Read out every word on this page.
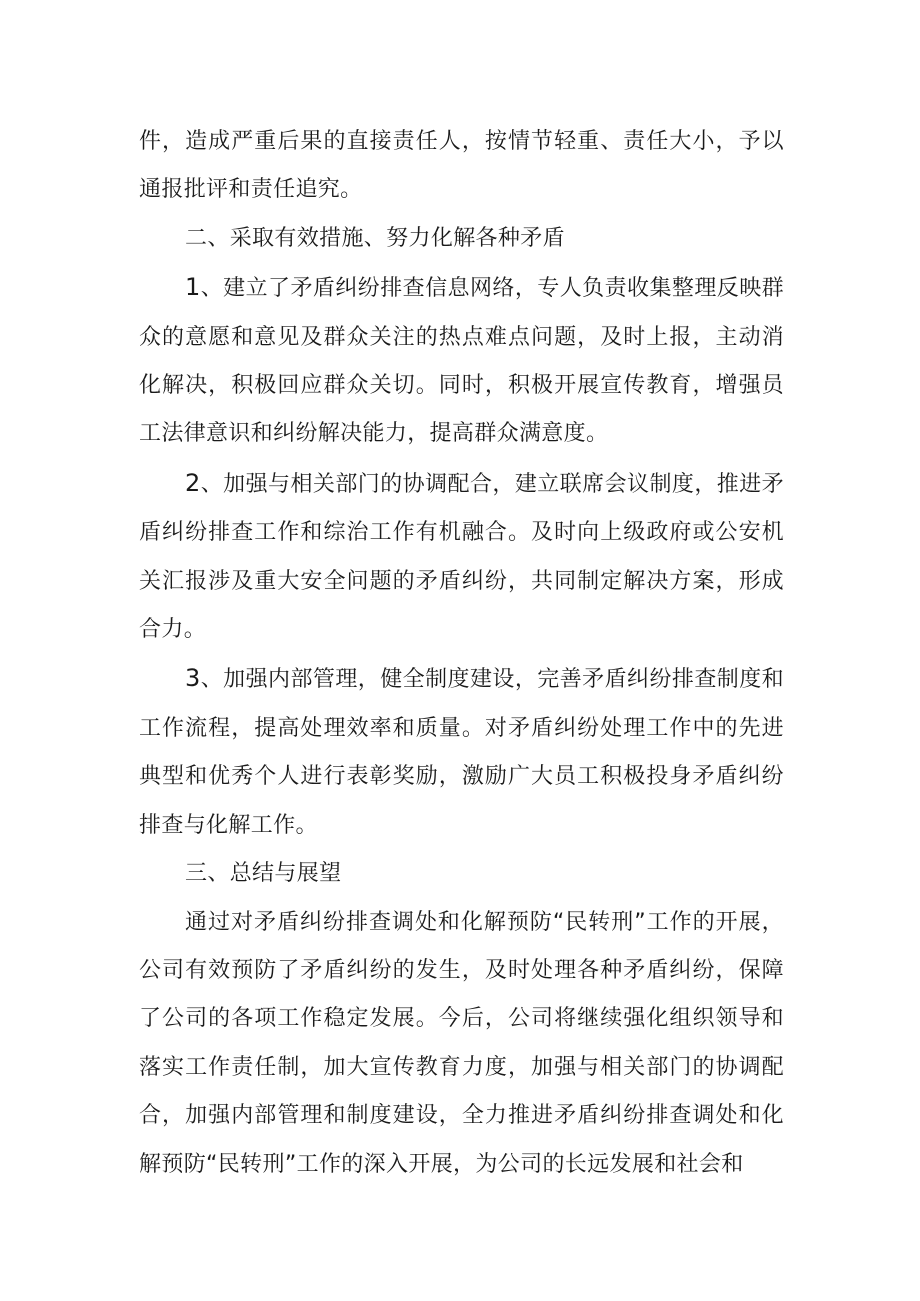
件，造成严重后果的直接责任人，按情节轻重、责任大小，予以通报批评和责任追究。

二、采取有效措施、努力化解各种矛盾

1、建立了矛盾纠纷排查信息网络，专人负责收集整理反映群众的意愿和意见及群众关注的热点难点问题，及时上报，主动消化解决，积极回应群众关切。同时，积极开展宣传教育，增强员工法律意识和纠纷解决能力，提高群众满意度。

2、加强与相关部门的协调配合，建立联席会议制度，推进矛盾纠纷排查工作和综治工作有机融合。及时向上级政府或公安机关汇报涉及重大安全问题的矛盾纠纷，共同制定解决方案，形成合力。

3、加强内部管理，健全制度建设，完善矛盾纠纷排查制度和工作流程，提高处理效率和质量。对矛盾纠纷处理工作中的先进典型和优秀个人进行表彰奖励，激励广大员工积极投身矛盾纠纷排查与化解工作。

三、总结与展望

通过对矛盾纠纷排查调处和化解预防“民转刑”工作的开展，公司有效预防了矛盾纠纷的发生，及时处理各种矛盾纠纷，保障了公司的各项工作稳定发展。今后，公司将继续强化组织领导和落实工作责任制，加大宣传教育力度，加强与相关部门的协调配合，加强内部管理和制度建设，全力推进矛盾纠纷排查调处和化解预防“民转刑”工作的深入开展，为公司的长远发展和社会和
